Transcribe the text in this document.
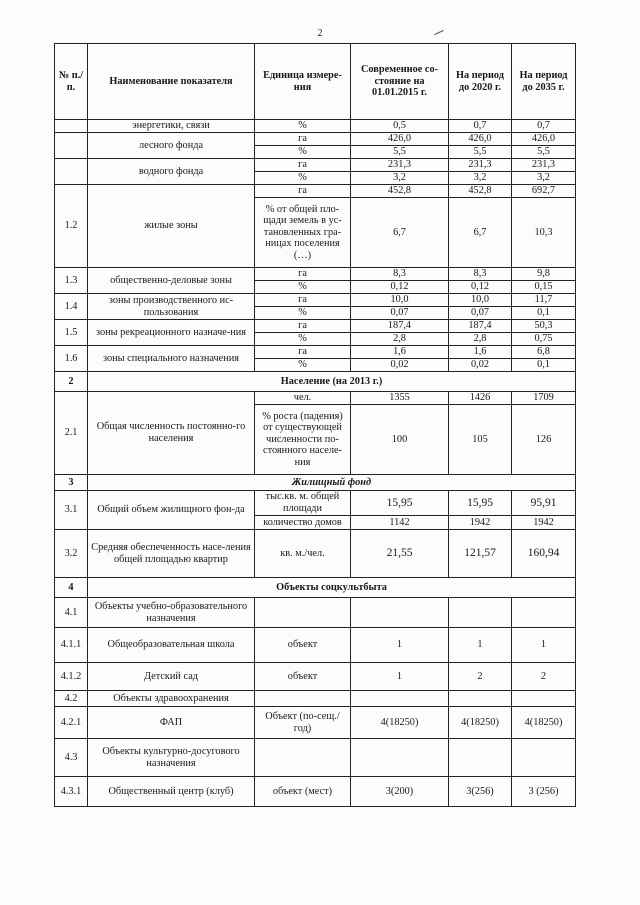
2
№ п./п.	Наименование показателя	Единица измере-ния	Современное со-стояние на 01.01.2015 г.	На период до 2020 г.	На период до 2035 г.
	энергетики, связи	%	0,5	0,7	0,7
	лесного фонда	га	426,0	426,0	426,0
		%	5,5	5,5	5,5
	водного фонда	га	231,3	231,3	231,3
		%	3,2	3,2	3,2
1.2	жилые зоны	га	452,8	452,8	692,7
		% от общей пло-щади земель в ус-тановленных гра-ницах поселения (…)	6,7	6,7	10,3
1.3	общественно-деловые зоны	га	8,3	8,3	9,8
		%	0,12	0,12	0,15
1.4	зоны производственного ис-пользования	га	10,0	10,0	11,7
		%	0,07	0,07	0,1
1.5	зоны рекреационного назначе-ния	га	187,4	187,4	50,3
		%	2,8	2,8	0,75
1.6	зоны специального назначения	га	1,6	1,6	6,8
		%	0,02	0,02	0,1
2	Население (на 2013 г.)				
2.1	Общая численность постоянно-го населения	чел.	1355	1426	1709
		% роста (падения) от существующей численности по-стоянного населе-ния	100	105	126
3	Жилищный фонд				
3.1	Общий объем жилищного фон-да	тыс.кв. м. общей площади	15,95	15,95	95,91
		количество домов	1142	1942	1942
3.2	Средняя обеспеченность насе-ления общей площадью квартир	кв. м./чел.	21,55	121,57	160,94
4	Объекты соцкультбыта				
4.1	Объекты учебно-образовательного назначения				
4.1.1	Общеобразовательная школа	объект	1	1	1
4.1.2	Детский сад	объект	1	2	2
4.2	Объекты здравоохранения				
4.2.1	ФАП	Объект (по-сещ./год)	4(18250)	4(18250)	4(18250)
4.3	Объекты культурно-досугового назначения				
4.3.1	Общественный центр (клуб)	объект (мест)	3(200)	3(256)	3 (256)
